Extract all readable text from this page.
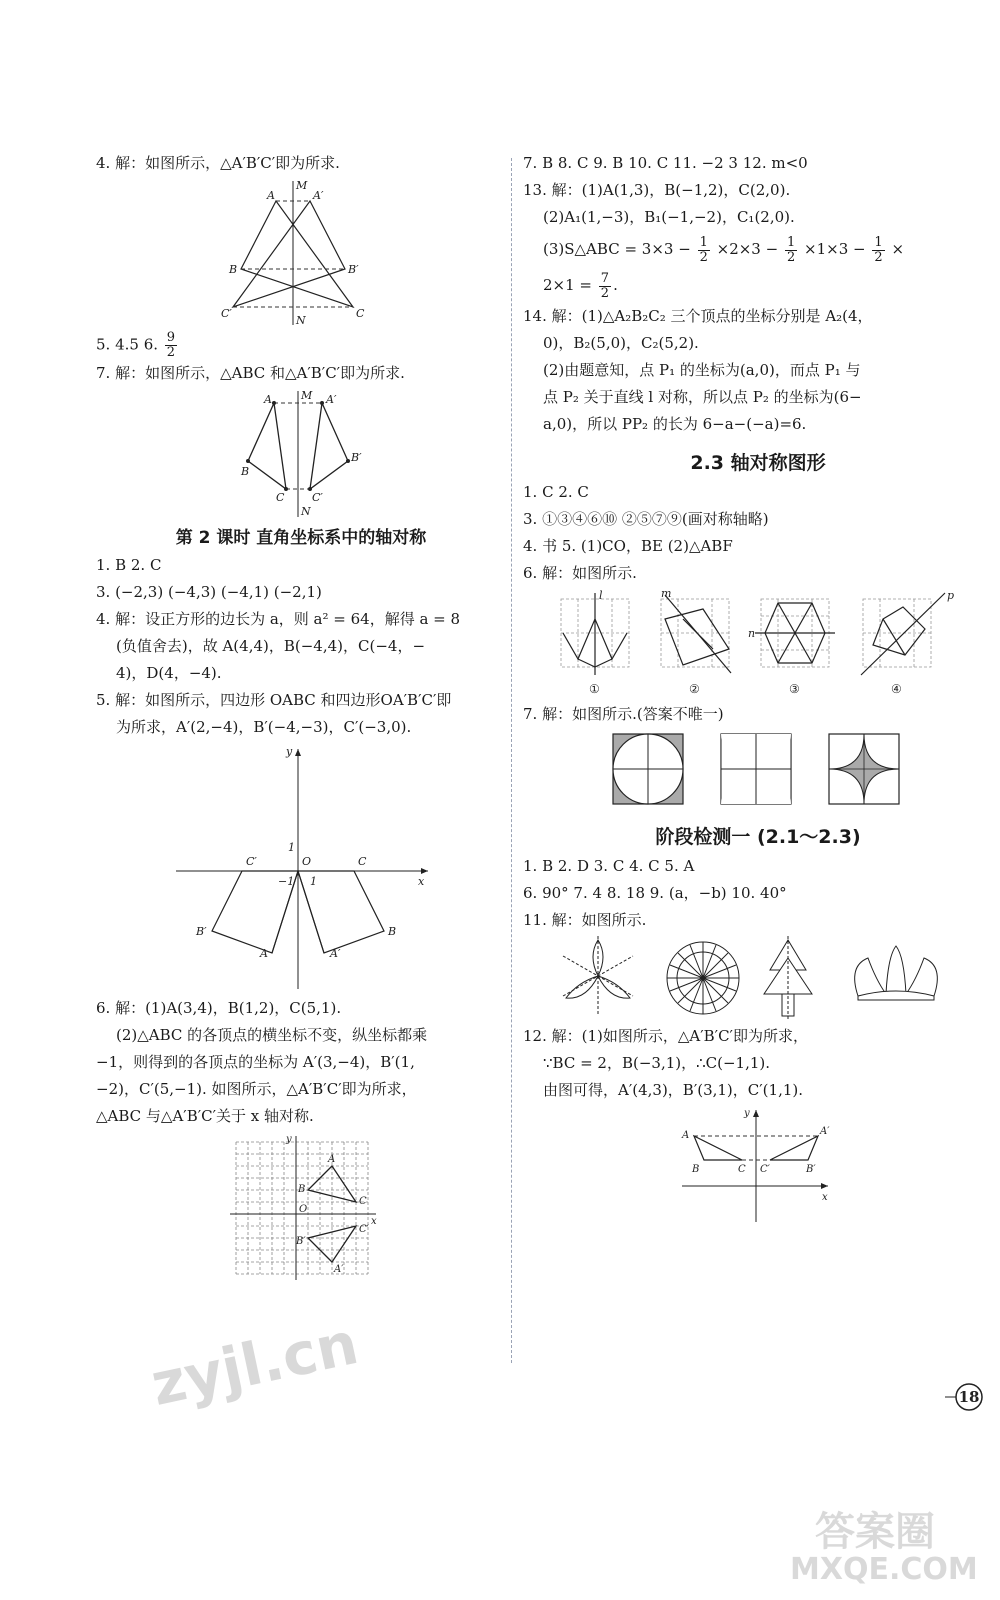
4. 解：如图所示，△A′B′C′即为所求.
M
A	A′
B	B′
C′	C
N
5. 4.5 6. $\frac{9}{2}$
7. 解：如图所示，△ABC 和△A′B′C′即为所求.
M
A	A′
B
B′
C	C′
N
第 2 课时 直角坐标系中的轴对称
1. B 2. C
3. (−2,3) (−4,3) (−4,1) (−2,1)
4. 解：设正方形的边长为 a，则 a² = 64，解得 a = 8
(负值舍去)，故 A(4,4)，B(−4,4)，C(−4，−
4)，D(4，−4).
5. 解：如图所示，四边形 OABC 和四边形OA′B′C′即
为所求，A′(2,−4)，B′(−4,−3)，C′(−3,0).
y
1
O
C′	C
−1 1	x
B′	B
A	A′
6. 解：(1)A(3,4)，B(1,2)，C(5,1).
(2)△ABC 的各顶点的横坐标不变，纵坐标都乘
−1，则得到的各顶点的坐标为 A′(3,−4)，B′(1,
−2)，C′(5,−1). 如图所示，△A′B′C′即为所求，
△ABC 与△A′B′C′关于 x 轴对称.
y
A
B
C
O
x
B′
C′
A′
7. B 8. C 9. B 10. C 11. −2 3 12. m<0
13. 解：(1)A(1,3)，B(−1,2)，C(2,0).
(2)A₁(1,−3)，B₁(−1,−2)，C₁(2,0).
(3)S△ABC = $3\times 3 - \frac{1}{2} \times 2\times 3 - \frac{1}{2} \times 1\times 3 - \frac{1}{2}$ ×
$2\times 1 = \frac{7}{2}$ .
14. 解：(1)△A₂B₂C₂ 三个顶点的坐标分别是 A₂(4，
0)，B₂(5,0)，C₂(5,2).
(2)由题意知，点 P₁ 的坐标为(a,0)，而点 P₁ 与
点 P₂ 关于直线 l 对称，所以点 P₂ 的坐标为(6−
a,0)，所以 PP₂ 的长为 6−a−(−a)=6.
2.3 轴对称图形
1. C 2. C
3. ①③④⑥⑩ ②⑤⑦⑨(画对称轴略)
4. 书 5. (1)CO，BE (2)△ABF
6. 解：如图所示.
l	m
n
p
①	②	③	④
7. 解：如图所示.(答案不唯一)
阶段检测一 (2.1～2.3)
1. B 2. D 3. C 4. C 5. A
6. 90° 7. 4 8. 18 9. (a，−b) 10. 40°
11. 解：如图所示.
12. 解：(1)如图所示，△A′B′C′即为所求，
∵BC = 2，B(−3,1)，∴C(−1,1).
由图可得，A′(4,3)，B′(3,1)，C′(1,1).
y
A	A′
B	C C′	B′
x
18
zyjl.cn
答案圈
MXQE.COM
